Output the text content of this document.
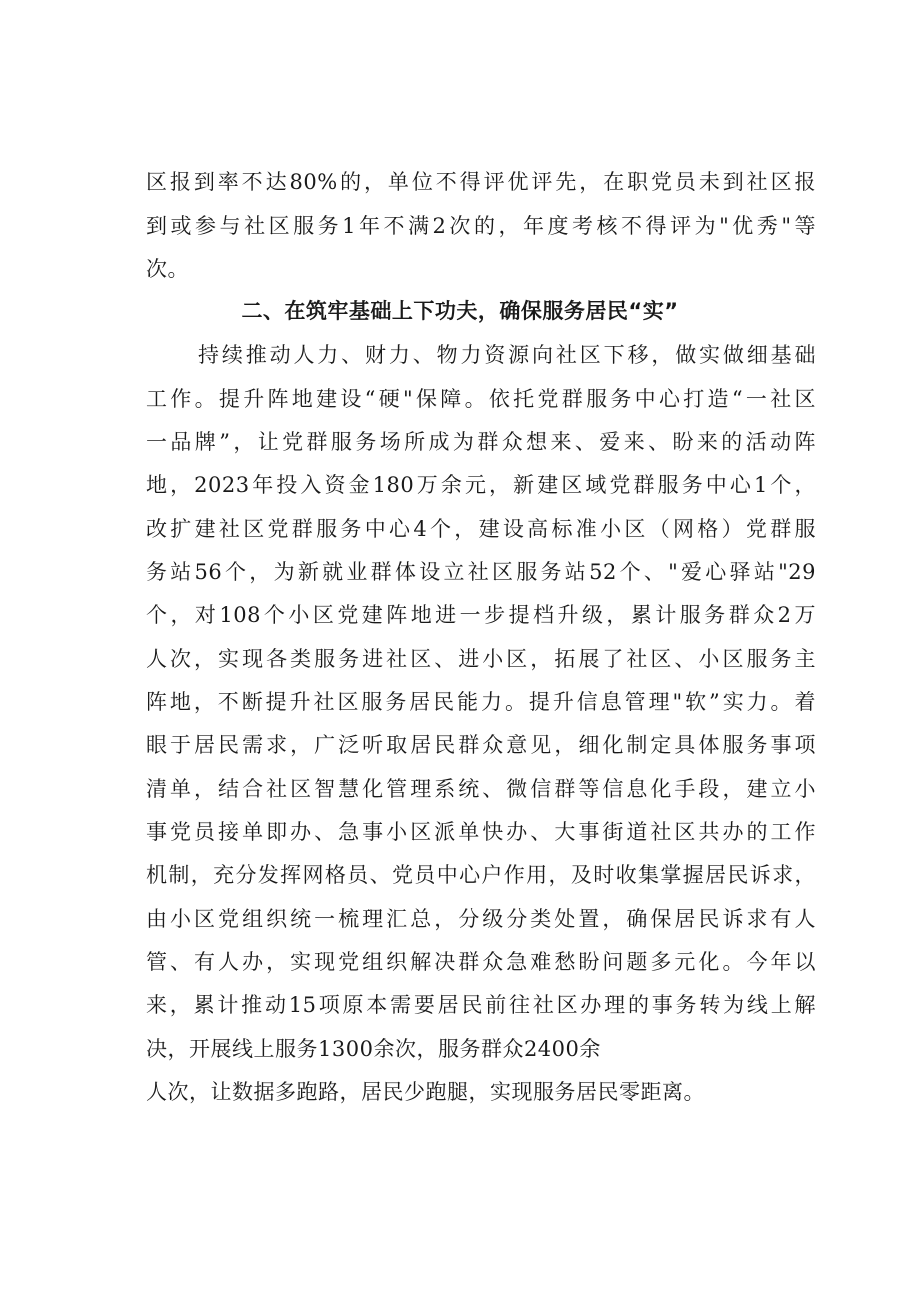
区报到率不达80%的，单位不得评优评先，在职党员未到社区报
到或参与社区服务1年不满2次的，年度考核不得评为"优秀"等
次。
二、在筑牢基础上下功夫，确保服务居民“实”
持续推动人力、财力、物力资源向社区下移，做实做细基础
工作。提升阵地建设“硬"保障。依托党群服务中心打造“一社区
一品牌”，让党群服务场所成为群众想来、爱来、盼来的活动阵
地，2023年投入资金180万余元，新建区域党群服务中心1个，
改扩建社区党群服务中心4个，建设高标准小区（网格）党群服
务站56个，为新就业群体设立社区服务站52个、"爱心驿站"29
个，对108个小区党建阵地进一步提档升级，累计服务群众2万
人次，实现各类服务进社区、进小区，拓展了社区、小区服务主
阵地，不断提升社区服务居民能力。提升信息管理"软”实力。着
眼于居民需求，广泛听取居民群众意见，细化制定具体服务事项
清单，结合社区智慧化管理系统、微信群等信息化手段，建立小
事党员接单即办、急事小区派单快办、大事街道社区共办的工作
机制，充分发挥网格员、党员中心户作用，及时收集掌握居民诉求，
由小区党组织统一梳理汇总，分级分类处置，确保居民诉求有人
管、有人办，实现党组织解决群众急难愁盼问题多元化。今年以
来，累计推动15项原本需要居民前往社区办理的事务转为线上解
决，开展线上服务1300余次，服务群众2400余
人次，让数据多跑路，居民少跑腿，实现服务居民零距离。
